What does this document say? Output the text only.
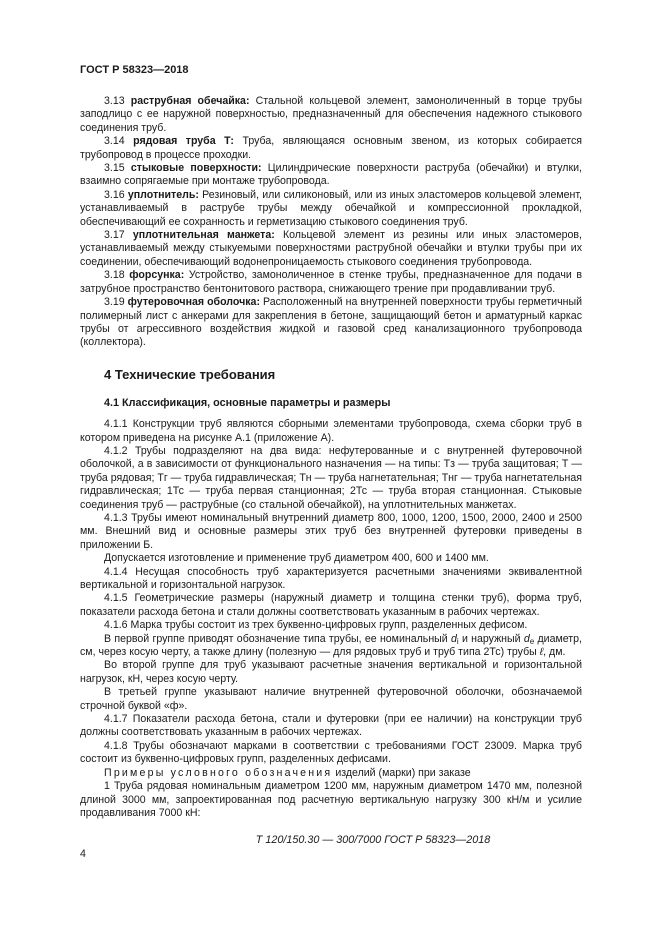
ГОСТ Р 58323—2018

3.13 раструбная обечайка: Стальной кольцевой элемент, замоноличенный в торце трубы заподлицо с ее наружной поверхностью, предназначенный для обеспечения надежного стыкового соединения труб.

3.14 рядовая труба Т: Труба, являющаяся основным звеном, из которых собирается трубопровод в процессе проходки.

3.15 стыковые поверхности: Цилиндрические поверхности раструба (обечайки) и втулки, взаимно сопрягаемые при монтаже трубопровода.

3.16 уплотнитель: Резиновый, или силиконовый, или из иных эластомеров кольцевой элемент, устанавливаемый в раструбе трубы между обечайкой и компрессионной прокладкой, обеспечивающий ее сохранность и герметизацию стыкового соединения труб.

3.17 уплотнительная манжета: Кольцевой элемент из резины или иных эластомеров, устанавливаемый между стыкуемыми поверхностями раструбной обечайки и втулки трубы при их соединении, обеспечивающий водонепроницаемость стыкового соединения трубопровода.

3.18 форсунка: Устройство, замоноличенное в стенке трубы, предназначенное для подачи в затрубное пространство бентонитового раствора, снижающего трение при продавливании труб.

3.19 футеровочная оболочка: Расположенный на внутренней поверхности трубы герметичный полимерный лист с анкерами для закрепления в бетоне, защищающий бетон и арматурный каркас трубы от агрессивного воздействия жидкой и газовой сред канализационного трубопровода (коллектора).

4 Технические требования
4.1 Классификация, основные параметры и размеры

4.1.1 Конструкции труб являются сборными элементами трубопровода, схема сборки труб в котором приведена на рисунке А.1 (приложение А).

4.1.2 Трубы подразделяют на два вида: нефутерованные и с внутренней футеровочной оболочкой, а в зависимости от функционального назначения — на типы: Тз — труба защитовая; Т — труба рядовая; Тг — труба гидравлическая; Тн — труба нагнетательная; Тнг — труба нагнетательная гидравлическая; 1Тс — труба первая станционная; 2Тс — труба вторая станционная. Стыковые соединения труб — раструбные (со стальной обечайкой), на уплотнительных манжетах.

4.1.3 Трубы имеют номинальный внутренний диаметр 800, 1000, 1200, 1500, 2000, 2400 и 2500 мм. Внешний вид и основные размеры этих труб без внутренней футеровки приведены в приложении Б.

Допускается изготовление и применение труб диаметром 400, 600 и 1400 мм.

4.1.4 Несущая способность труб характеризуется расчетными значениями эквивалентной вертикальной и горизонтальной нагрузок.

4.1.5 Геометрические размеры (наружный диаметр и толщина стенки труб), форма труб, показатели расхода бетона и стали должны соответствовать указанным в рабочих чертежах.

4.1.6 Марка трубы состоит из трех буквенно-цифровых групп, разделенных дефисом.

В первой группе приводят обозначение типа трубы, ее номинальный $d_i$ и наружный $d_e$ диаметр, см, через косую черту, а также длину (полезную — для рядовых труб и труб типа 2Тс) трубы ℓ, дм.

Во второй группе для труб указывают расчетные значения вертикальной и горизонтальной нагрузок, кН, через косую черту.

В третьей группе указывают наличие внутренней футеровочной оболочки, обозначаемой строчной буквой «ф».

4.1.7 Показатели расхода бетона, стали и футеровки (при ее наличии) на конструкции труб должны соответствовать указанным в рабочих чертежах.

4.1.8 Трубы обозначают марками в соответствии с требованиями ГОСТ 23009. Марка труб состоит из буквенно-цифровых групп, разделенных дефисами.

Примеры условного обозначения изделий (марки) при заказе

1 Труба рядовая номинальным диаметром 1200 мм, наружным диаметром 1470 мм, полезной длиной 3000 мм, запроектированная под расчетную вертикальную нагрузку 300 кН/м и усилие продавливания 7000 кН:

Т 120/150.30 — 300/7000 ГОСТ Р 58323—2018

4
